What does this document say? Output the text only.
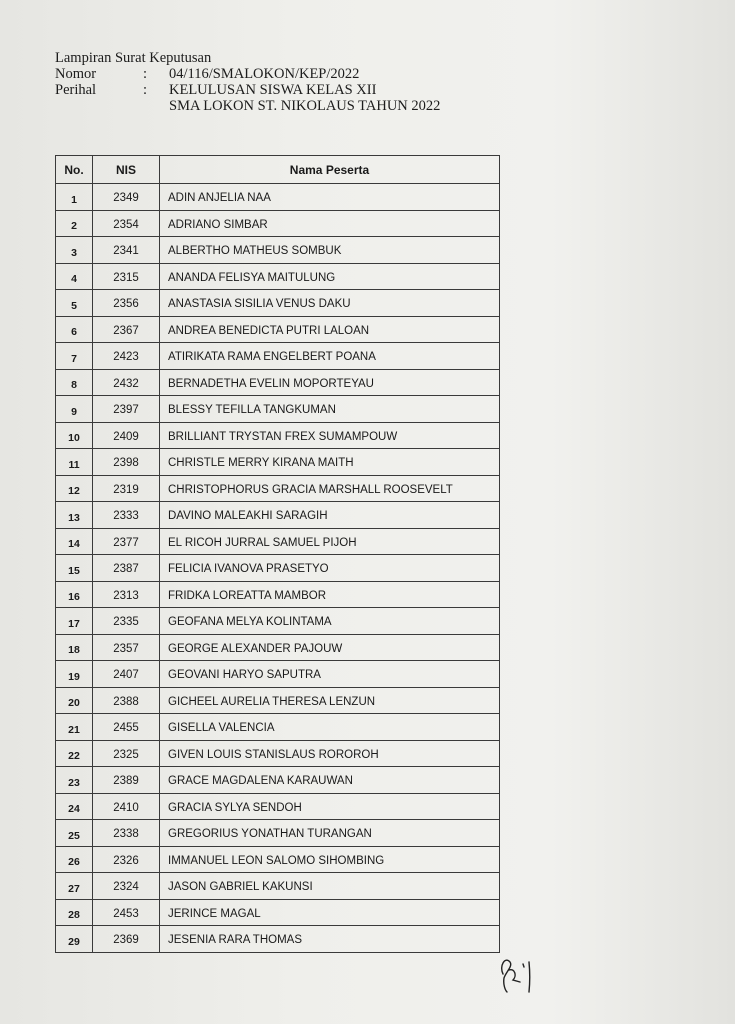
Lampiran Surat Keputusan
Nomor	:	04/116/SMALOKON/KEP/2022
Perihal	:	KELULUSAN SISWA KELAS XII
SMA LOKON ST. NIKOLAUS TAHUN 2022
No.	NIS	Nama Peserta
1	2349	ADIN ANJELIA NAA
2	2354	ADRIANO SIMBAR
3	2341	ALBERTHO MATHEUS SOMBUK
4	2315	ANANDA FELISYA MAITULUNG
5	2356	ANASTASIA SISILIA VENUS DAKU
6	2367	ANDREA BENEDICTA PUTRI LALOAN
7	2423	ATIRIKATA RAMA ENGELBERT POANA
8	2432	BERNADETHA EVELIN MOPORTEYAU
9	2397	BLESSY TEFILLA TANGKUMAN
10	2409	BRILLIANT TRYSTAN FREX SUMAMPOUW
11	2398	CHRISTLE MERRY KIRANA MAITH
12	2319	CHRISTOPHORUS GRACIA MARSHALL ROOSEVELT
13	2333	DAVINO MALEAKHI SARAGIH
14	2377	EL RICOH JURRAL SAMUEL PIJOH
15	2387	FELICIA IVANOVA PRASETYO
16	2313	FRIDKA LOREATTA MAMBOR
17	2335	GEOFANA MELYA KOLINTAMA
18	2357	GEORGE ALEXANDER PAJOUW
19	2407	GEOVANI HARYO SAPUTRA
20	2388	GICHEEL AURELIA THERESA LENZUN
21	2455	GISELLA VALENCIA
22	2325	GIVEN LOUIS STANISLAUS ROROROH
23	2389	GRACE MAGDALENA KARAUWAN
24	2410	GRACIA SYLYA SENDOH
25	2338	GREGORIUS YONATHAN TURANGAN
26	2326	IMMANUEL LEON SALOMO SIHOMBING
27	2324	JASON GABRIEL KAKUNSI
28	2453	JERINCE MAGAL
29	2369	JESENIA RARA THOMAS
